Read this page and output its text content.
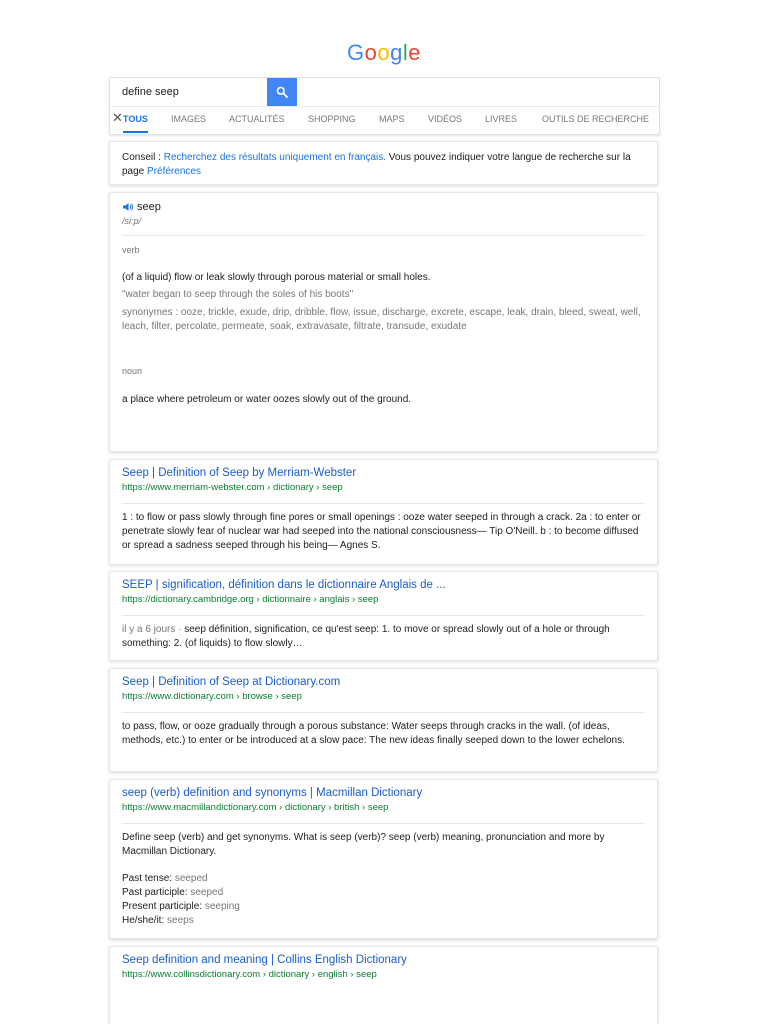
Google
define seep
✕ TOUS	IMAGES	ACTUALITÉS	SHOPPING	MAPS	VIDÉOS	LIVRES	OUTILS DE RECHERCHE
Conseil : Recherchez des résultats uniquement en français. Vous pouvez indiquer votre langue de recherche sur la page Préférences
seep
/siːp/
verb
(of a liquid) flow or leak slowly through porous material or small holes.
"water began to seep through the soles of his boots"
synonymes : ooze, trickle, exude, drip, dribble, flow, issue, discharge, excrete, escape, leak, drain, bleed, sweat, well, leach, filter, percolate, permeate, soak, extravasate, filtrate, transude, exudate
noun
a place where petroleum or water oozes slowly out of the ground.
Seep | Definition of Seep by Merriam-Webster
https://www.merriam-webster.com › dictionary › seep
1 : to flow or pass slowly through fine pores or small openings : ooze water seeped in through a crack. 2a : to enter or penetrate slowly fear of nuclear war had seeped into the national consciousness— Tip O'Neill. b : to become diffused or spread a sadness seeped through his being— Agnes S.
SEEP | signification, définition dans le dictionnaire Anglais de ...
https://dictionary.cambridge.org › dictionnaire › anglais › seep
il y a 6 jours · seep définition, signification, ce qu'est seep: 1. to move or spread slowly out of a hole or through something: 2. (of liquids) to flow slowly…
Seep | Definition of Seep at Dictionary.com
https://www.dictionary.com › browse › seep
to pass, flow, or ooze gradually through a porous substance: Water seeps through cracks in the wall. (of ideas, methods, etc.) to enter or be introduced at a slow pace: The new ideas finally seeped down to the lower echelons.
seep (verb) definition and synonyms | Macmillan Dictionary
https://www.macmillandictionary.com › dictionary › british › seep
Define seep (verb) and get synonyms. What is seep (verb)? seep (verb) meaning, pronunciation and more by Macmillan Dictionary.
Past tense: seeped
Past participle: seeped
Present participle: seeping
He/she/it: seeps
Seep definition and meaning | Collins English Dictionary
https://www.collinsdictionary.com › dictionary › english › seep
